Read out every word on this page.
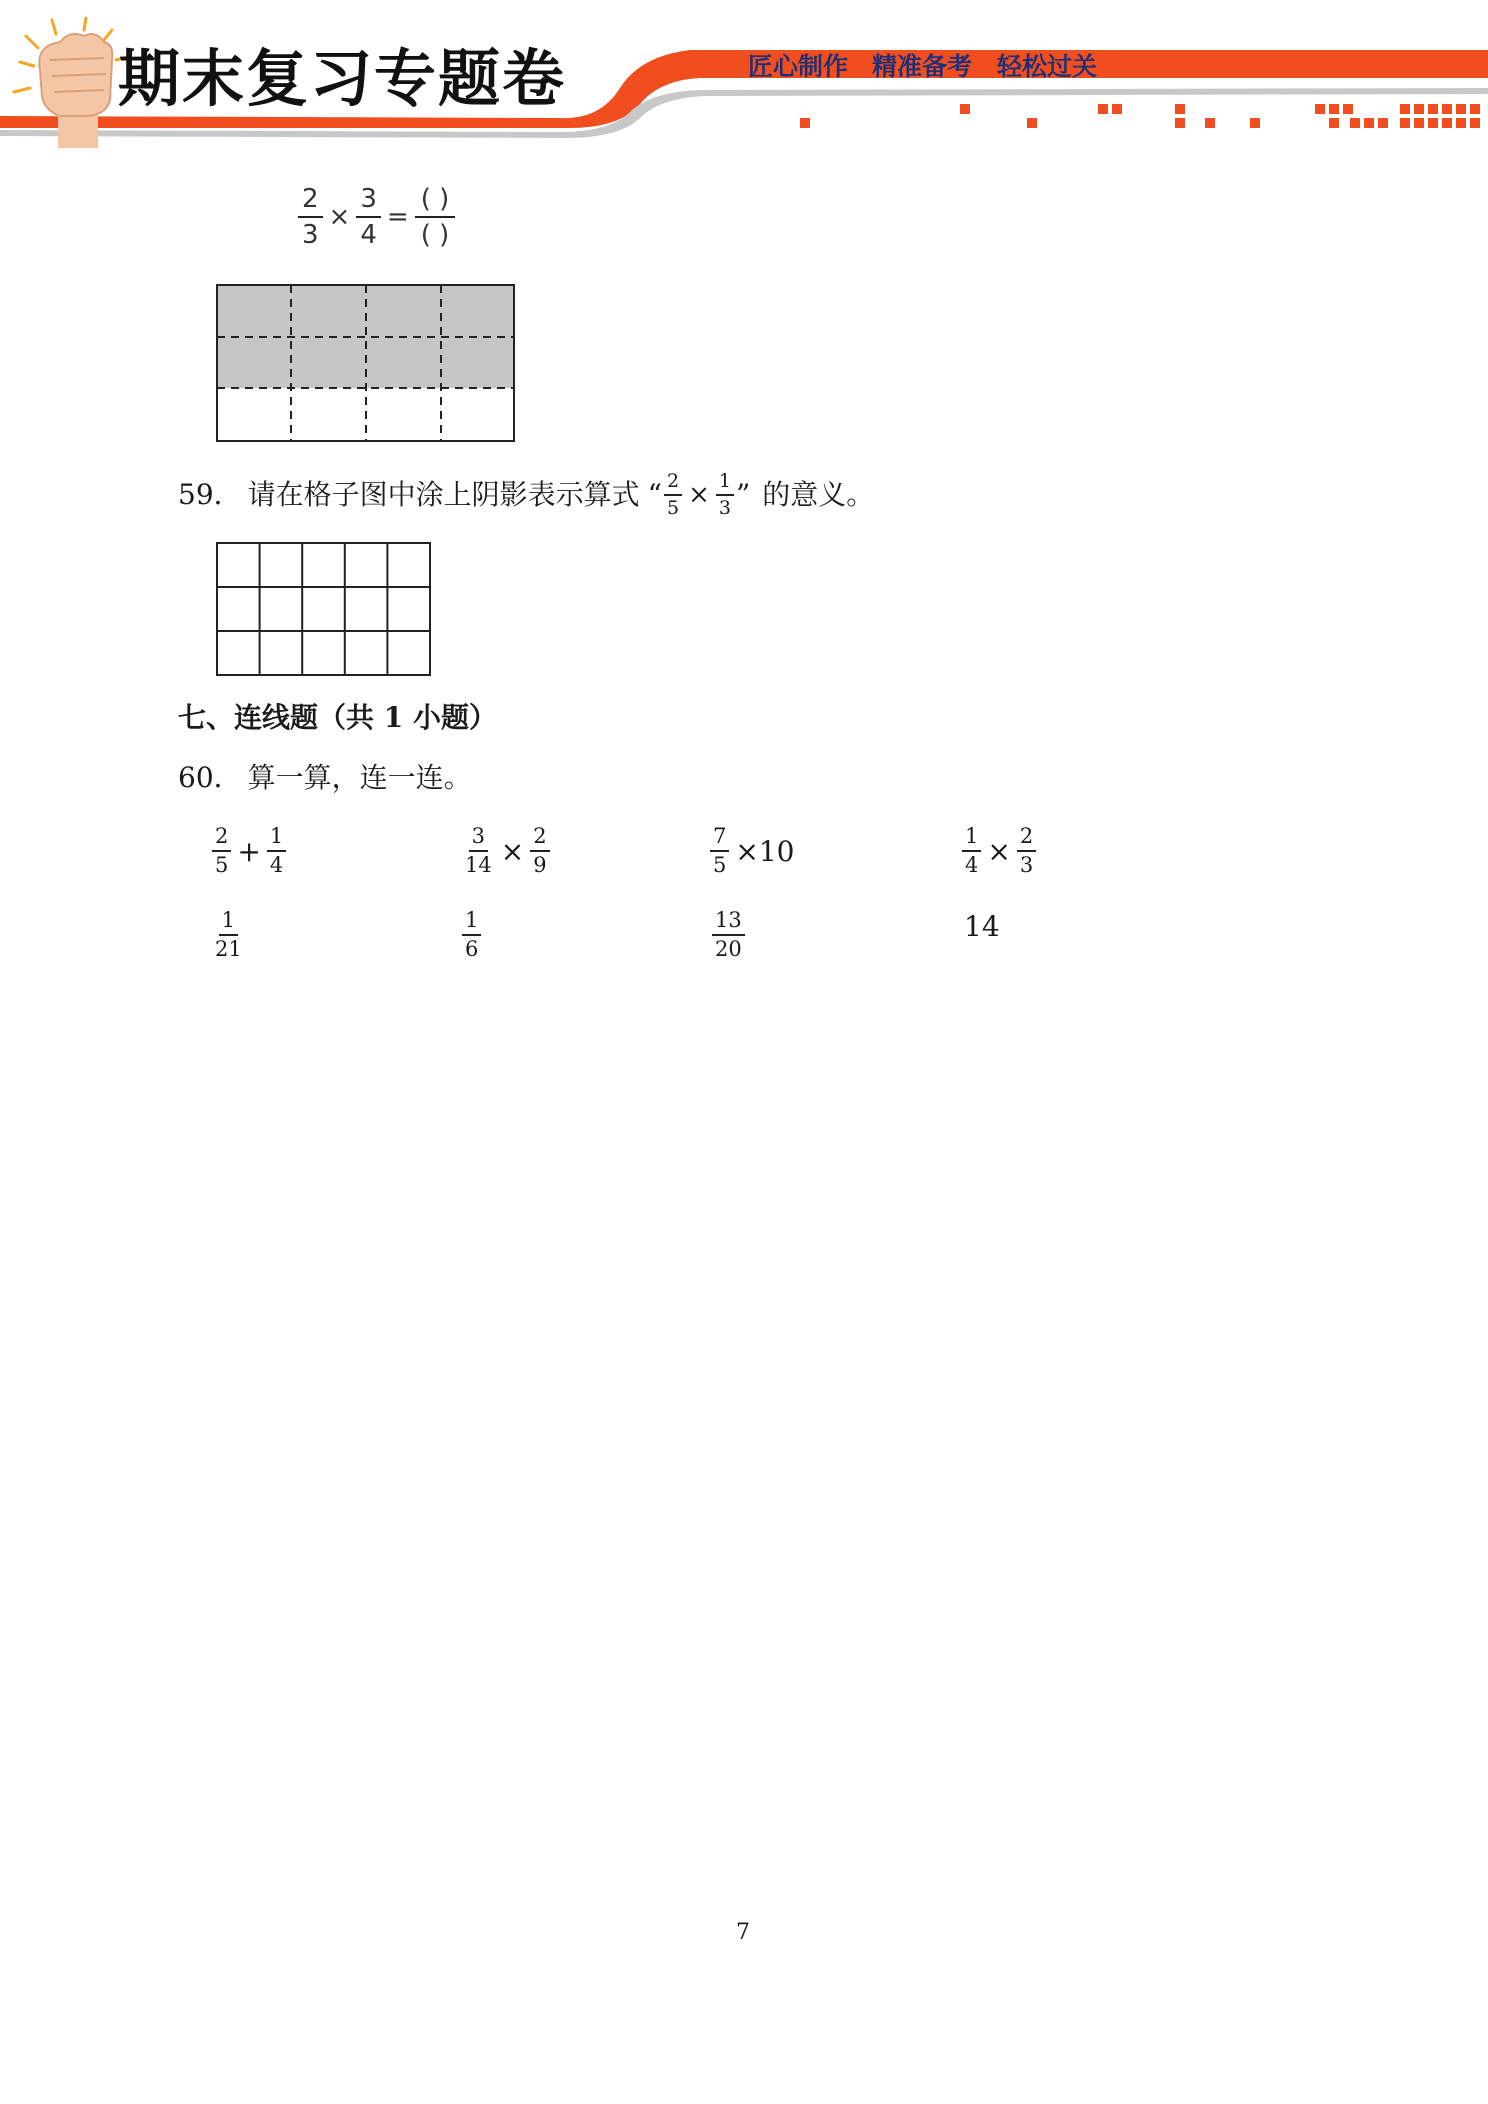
期末复习专题卷	匠心制作 精准备考 轻松过关
$\frac{2}{3} \times \frac{3}{4} = \frac{( )}{( )}$
59． 请在格子图中涂上阴影表示算式 “ $\frac{2}{5} \times \frac{1}{3}$ ” 的意义。
七、连线题（共 1 小题）
60． 算一算，连一连。
$\frac{2}{5} + \frac{1}{4}$	$\frac{3}{14} \times \frac{2}{9}$	$\frac{7}{5} \times 10$	$\frac{1}{4} \times \frac{2}{3}$
$\frac{1}{21}$	$\frac{1}{6}$	$\frac{13}{20}$	14
7
